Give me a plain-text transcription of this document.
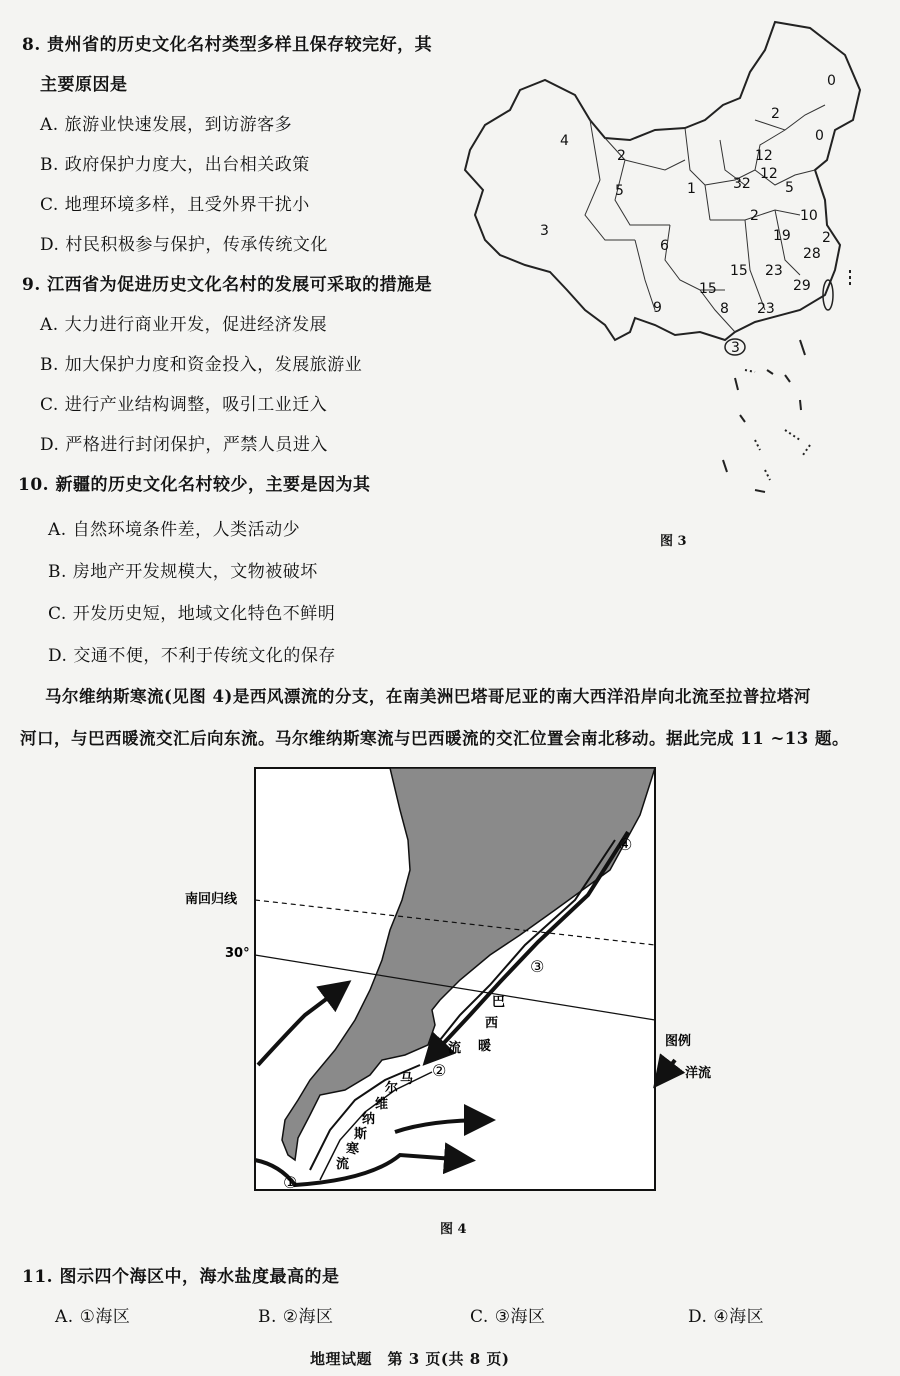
8. 贵州省的历史文化名村类型多样且保存较完好，其
主要原因是
A. 旅游业快速发展，到访游客多
B. 政府保护力度大，出台相关政策
C. 地理环境多样，且受外界干扰小
D. 村民积极参与保护，传承传统文化
9. 江西省为促进历史文化名村的发展可采取的措施是
A. 大力进行商业开发，促进经济发展
B. 加大保护力度和资金投入，发展旅游业
C. 进行产业结构调整，吸引工业迁入
D. 严格进行封闭保护，严禁人员进入
10. 新疆的历史文化名村较少，主要是因为其
A. 自然环境条件差，人类活动少
B. 房地产开发规模大，文物被破坏
C. 开发历史短，地域文化特色不鲜明
D. 交通不便，不利于传统文化的保存
0
2
0
4
2	12
5	1	32
12
5
3
6
2	10
2
19
28
15
15 23
29
9	8 23
3
图 3
马尔维纳斯寒流(见图 4)是西风漂流的分支，在南美洲巴塔哥尼亚的南大西洋沿岸向北流至拉普拉塔河
河口，与巴西暖流交汇后向东流。马尔维纳斯寒流与巴西暖流的交汇位置会南北移动。据此完成 11 ~13 题。
南回归线
30°
①
②
③
④
巴
西
暖
流
马
尔
维
纳
斯
寒
流
图例
洋流
图 4
11. 图示四个海区中，海水盐度最高的是
A. ①海区	B. ②海区	C. ③海区	D. ④海区
地理试题　第 3 页(共 8 页)
